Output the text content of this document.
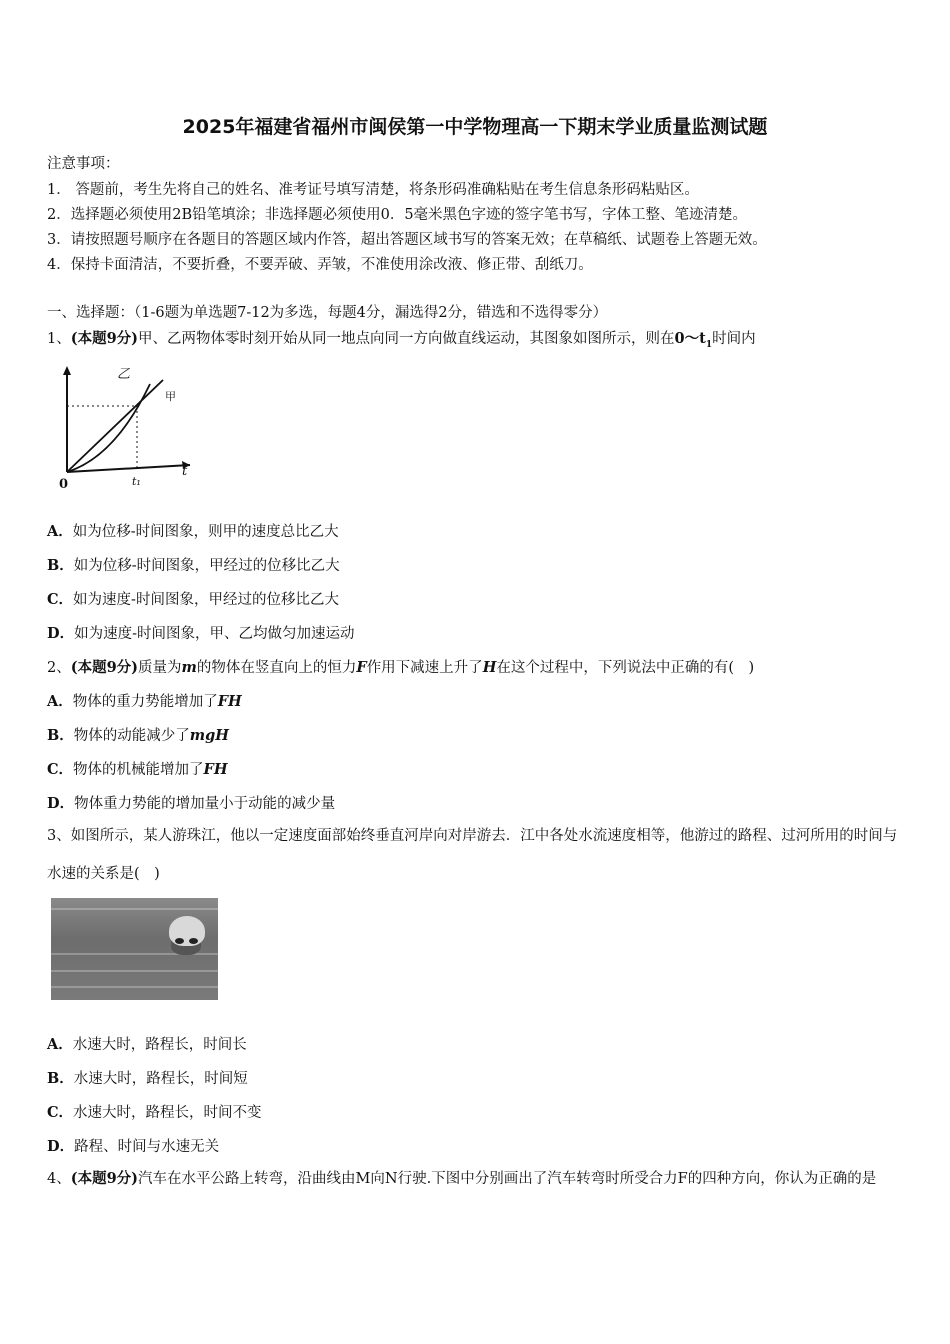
2025年福建省福州市闽侯第一中学物理高一下期末学业质量监测试题
注意事项：
1． 答题前，考生先将自己的姓名、准考证号填写清楚，将条形码准确粘贴在考生信息条形码粘贴区。
2．选择题必须使用2B铅笔填涂；非选择题必须使用0．5毫米黑色字迹的签字笔书写，字体工整、笔迹清楚。
3．请按照题号顺序在各题目的答题区域内作答，超出答题区域书写的答案无效；在草稿纸、试题卷上答题无效。
4．保持卡面清洁，不要折叠，不要弄破、弄皱，不准使用涂改液、修正带、刮纸刀。
一、选择题：（1-6题为单选题7-12为多选，每题4分，漏选得2分，错选和不选得零分）
1、(本题9分)甲、乙两物体零时刻开始从同一地点向同一方向做直线运动，其图象如图所示，则在$0\sim t_1$时间内
乙
甲
0	t₁
t
A．如为位移-时间图象，则甲的速度总比乙大
B．如为位移-时间图象，甲经过的位移比乙大
C．如为速度-时间图象，甲经过的位移比乙大
D．如为速度-时间图象，甲、乙均做匀加速运动
2、(本题9分)质量为m的物体在竖直向上的恒力F作用下减速上升了H在这个过程中，下列说法中正确的有(　)
A．物体的重力势能增加了FH
B．物体的动能减少了mgH
C．物体的机械能增加了FH
D．物体重力势能的增加量小于动能的减少量
3、如图所示，某人游珠江，他以一定速度面部始终垂直河岸向对岸游去．江中各处水流速度相等，他游过的路程、过河所用的时间与水速的关系是(　)
A．水速大时，路程长，时间长
B．水速大时，路程长，时间短
C．水速大时，路程长，时间不变
D．路程、时间与水速无关
4、(本题9分)汽车在水平公路上转弯，沿曲线由M向N行驶.下图中分别画出了汽车转弯时所受合力F的四种方向，你认为正确的是
